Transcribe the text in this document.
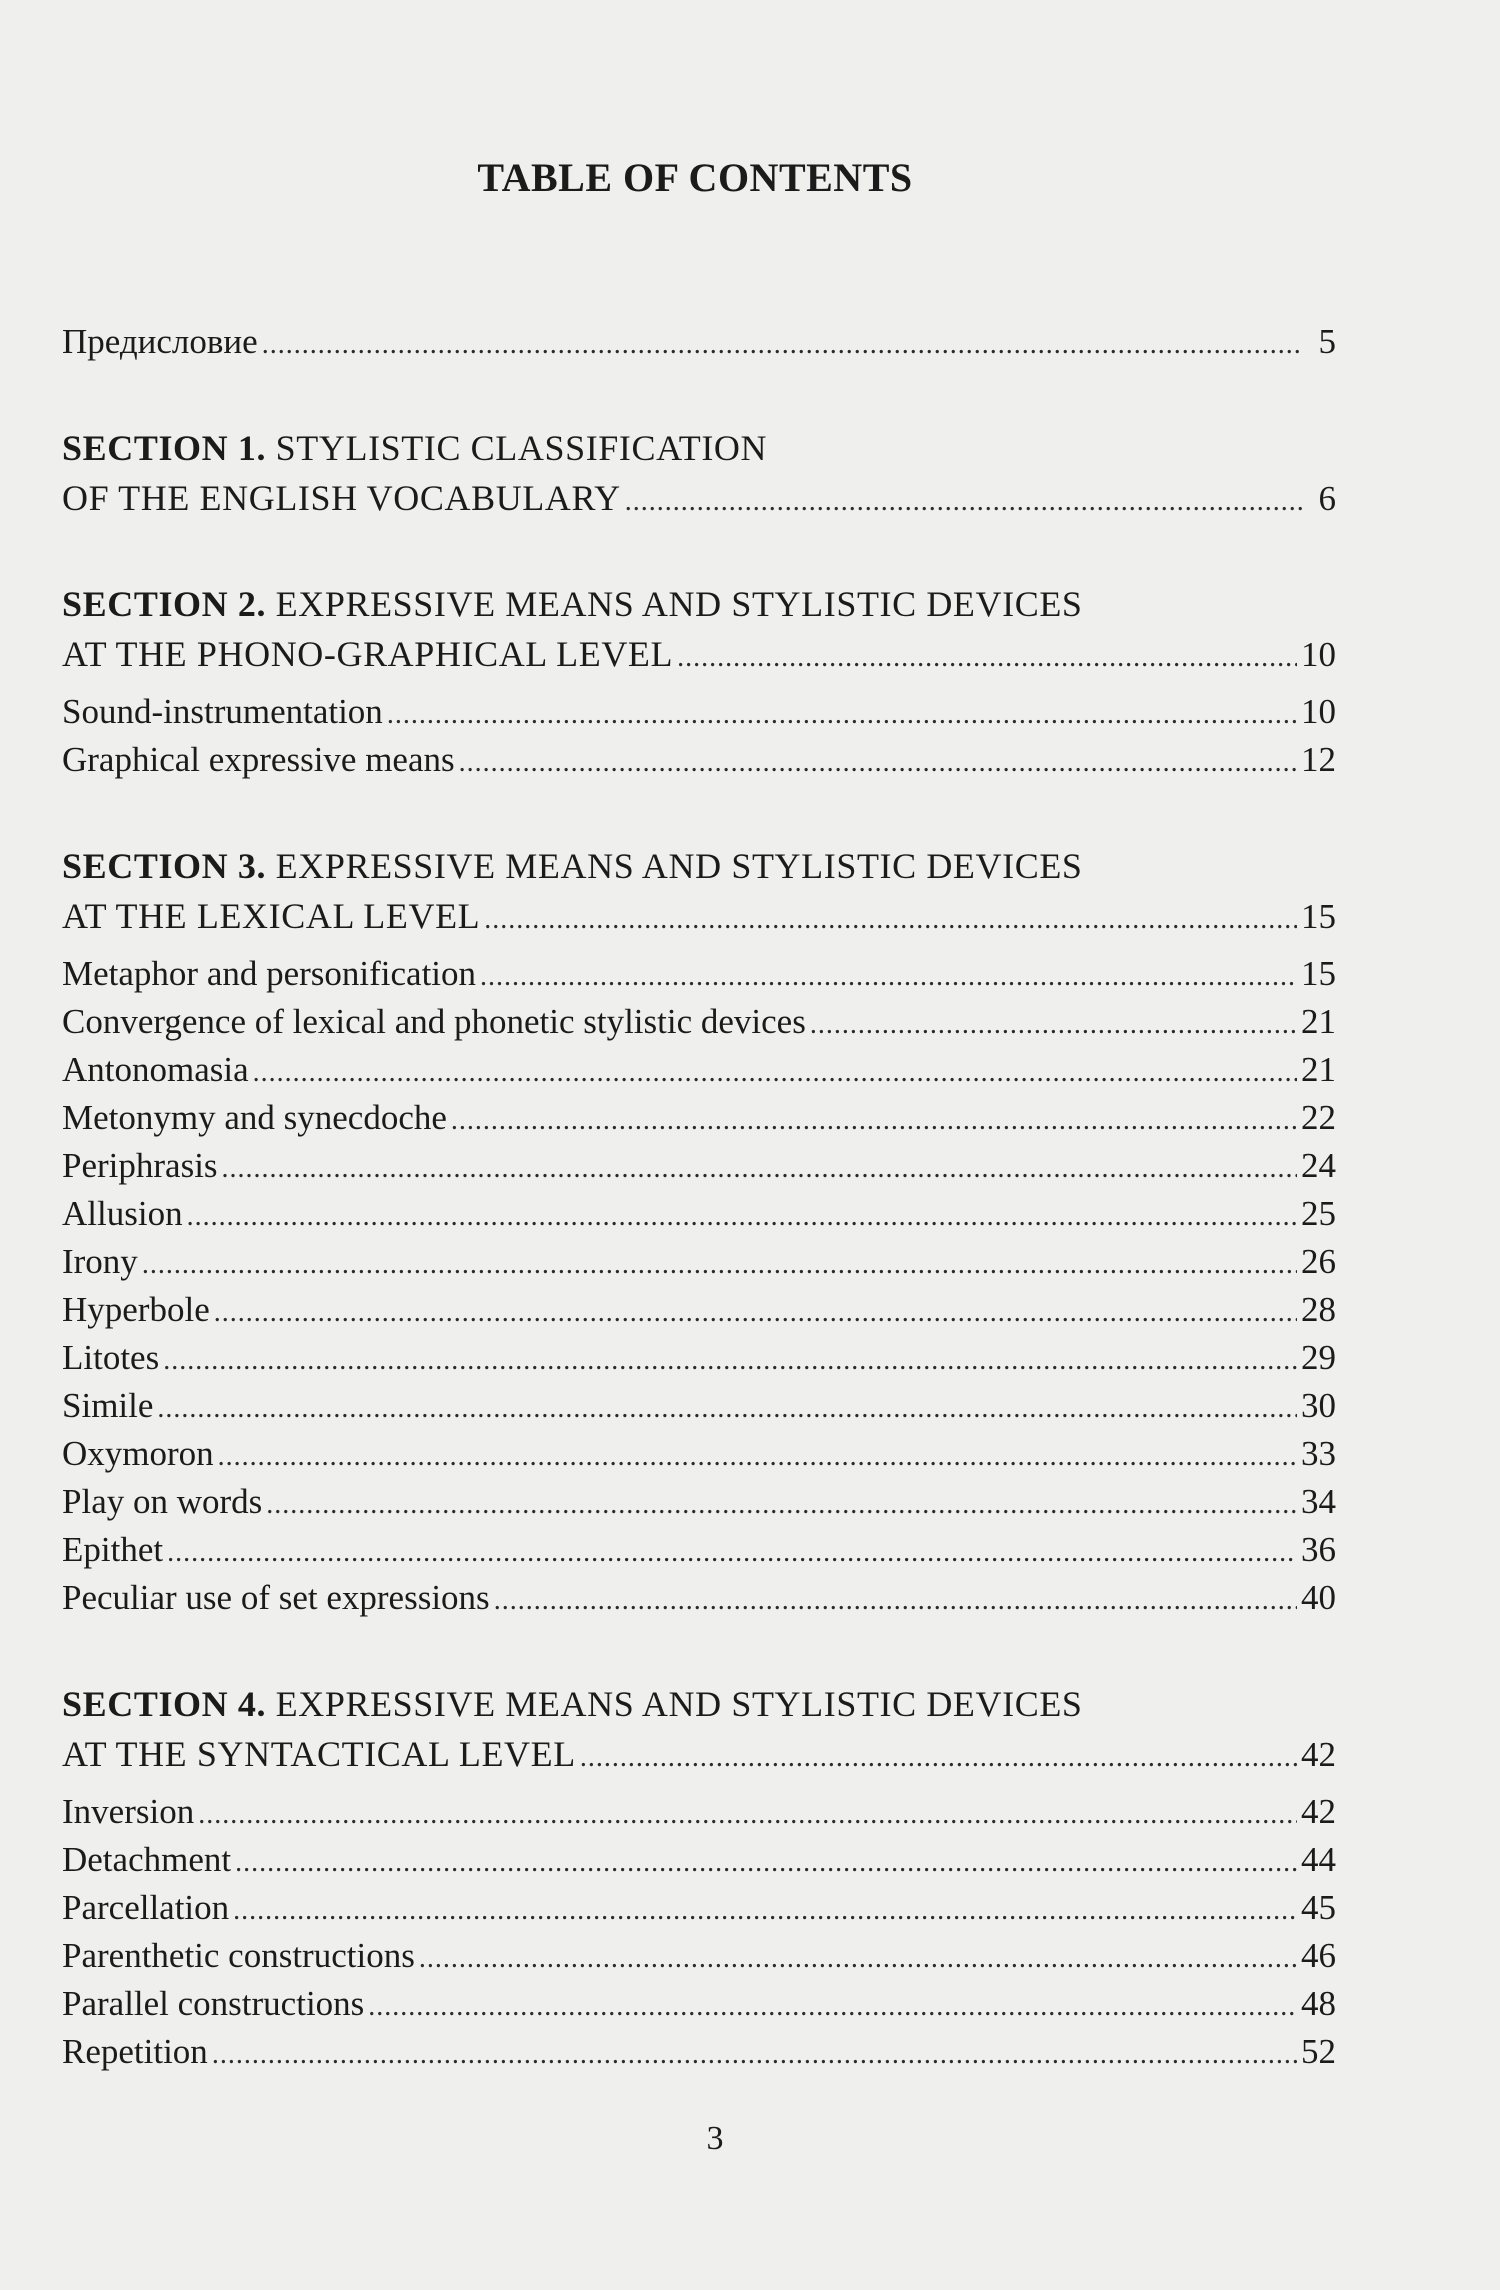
TABLE OF CONTENTS
Предисловие . . .	5
SECTION 1. STYLISTIC CLASSIFICATION
OF THE ENGLISH VOCABULARY . . .	6
SECTION 2. EXPRESSIVE MEANS AND STYLISTIC DEVICES
AT THE PHONO-GRAPHICAL LEVEL . . .	10
Sound-instrumentation . . .	10
Graphical expressive means . . .	12
SECTION 3. EXPRESSIVE MEANS AND STYLISTIC DEVICES
AT THE LEXICAL LEVEL . . .	15
Metaphor and personification . . .	15
Convergence of lexical and phonetic stylistic devices . . .	21
Antonomasia . . .	21
Metonymy and synecdoche . . .	22
Periphrasis . . .	24
Allusion . . .	25
Irony . . .	26
Hyperbole . . .	28
Litotes . . .	29
Simile . . .	30
Oxymoron . . .	33
Play on words . . .	34
Epithet . . .	36
Peculiar use of set expressions . . .	40
SECTION 4. EXPRESSIVE MEANS AND STYLISTIC DEVICES
AT THE SYNTACTICAL LEVEL . . .	42
Inversion . . .	42
Detachment . . .	44
Parcellation . . .	45
Parenthetic constructions . . .	46
Parallel constructions . . .	48
Repetition . . .	52
3
